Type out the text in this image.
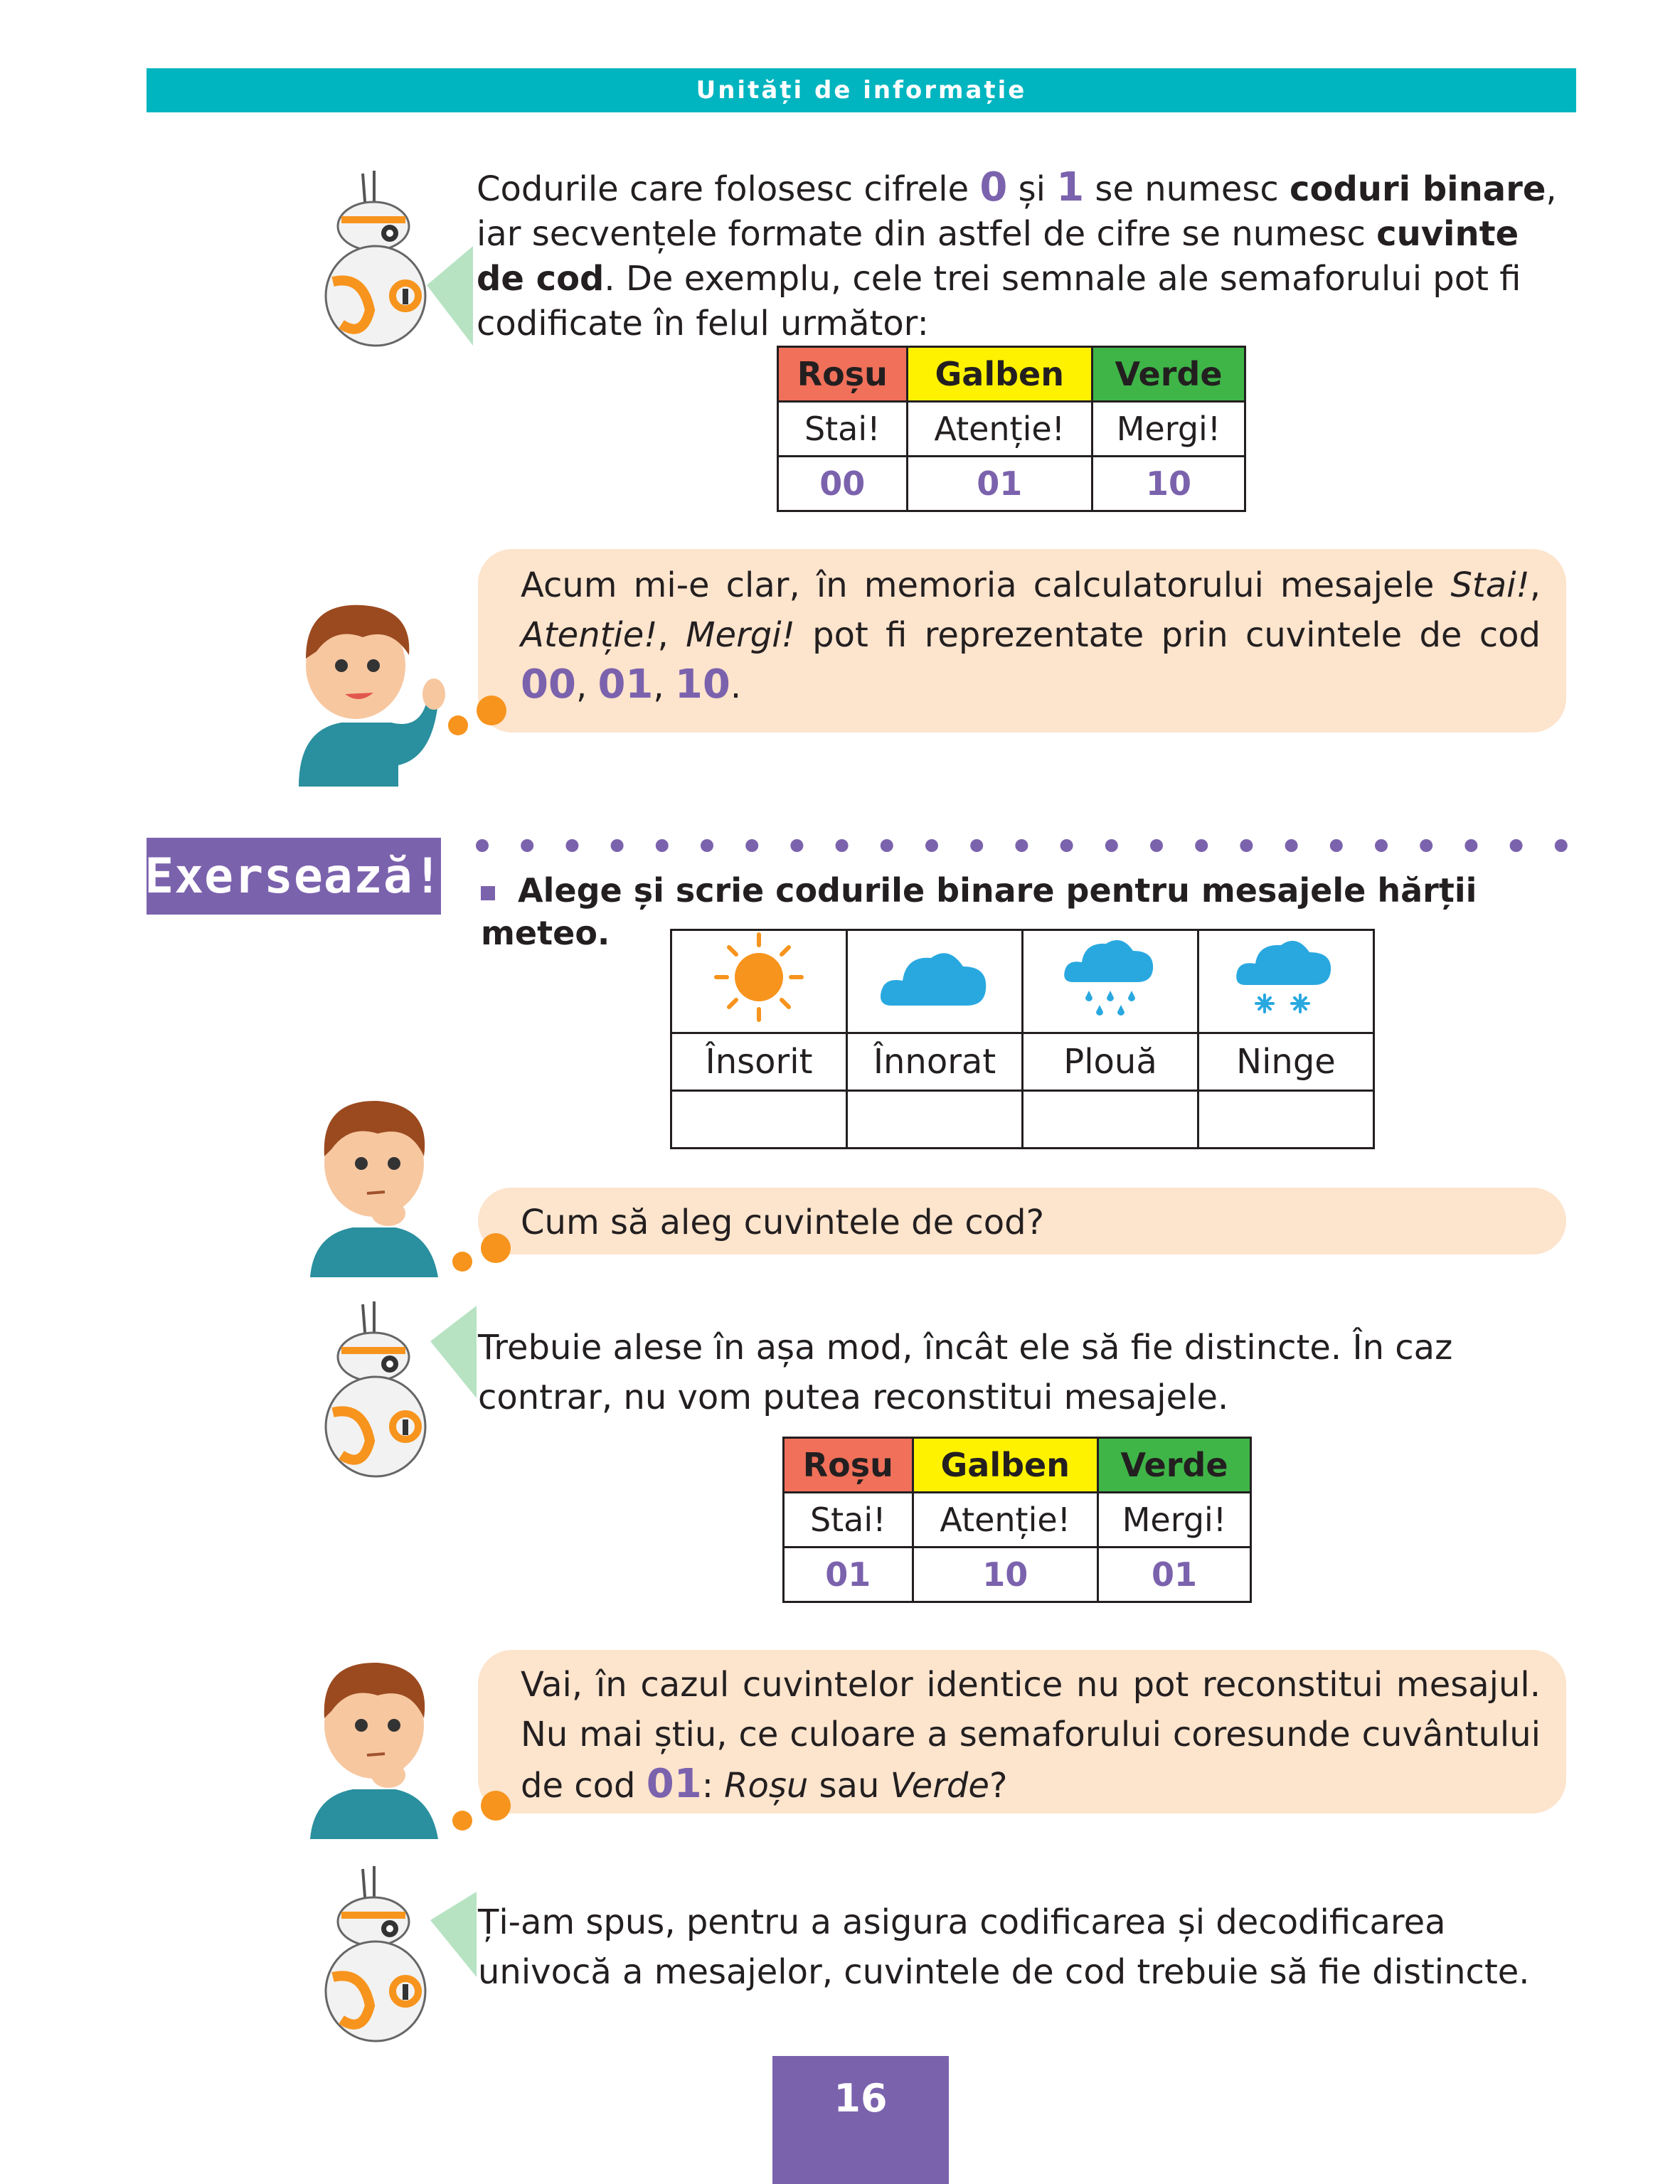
Unități de informație
Codurile care folosesc cifrele 0 și 1 se numesc coduri binare, iar secvențele formate din astfel de cifre se numesc cuvinte de cod. De exemplu, cele trei semnale ale semaforului pot fi codificate în felul următor:
Roșu	Galben	Verde
Stai!	Atenție!	Mergi!
00	01	10
Acum mi-e clar, în memoria calculatorului mesajele Stai!, Atenție!, Mergi! pot fi reprezentate prin cuvintele de cod 00, 01, 10.
Exersează!	Alege și scrie codurile binare pentru mesajele hărții meteo.

Însorit	Înnorat	Plouă	Ninge

Cum să aleg cuvintele de cod?
Trebuie alese în așa mod, încât ele să fie distincte. În caz contrar, nu vom putea reconstitui mesajele.
Roșu	Galben	Verde
Stai!	Atenție!	Mergi!
01	10	01
Vai, în cazul cuvintelor identice nu pot reconstitui mesajul. Nu mai știu, ce culoare a semaforului coresunde cuvântului de cod 01: Roșu sau Verde?
Ți-am spus, pentru a asigura codificarea și decodificarea univocă a mesajelor, cuvintele de cod trebuie să fie distincte.
16
